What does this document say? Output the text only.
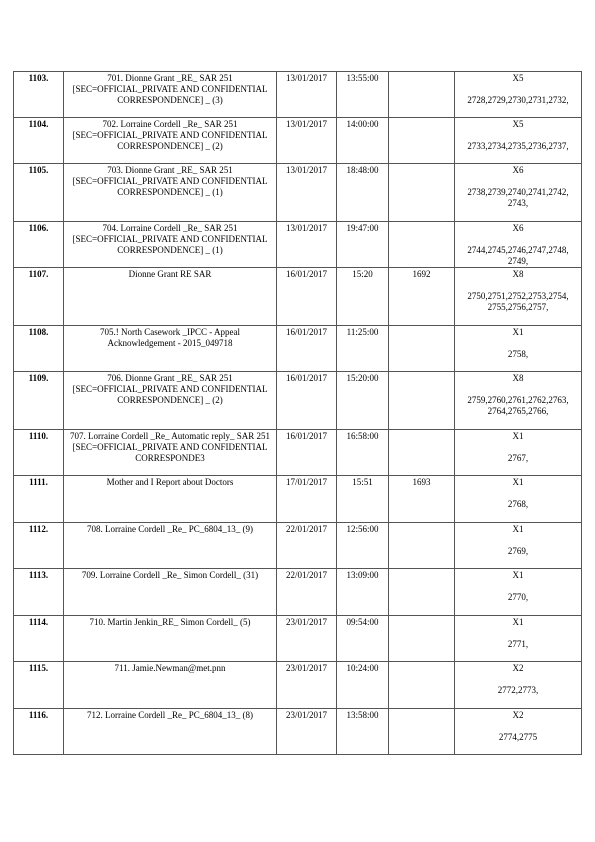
1103.	701. Dionne Grant _RE_ SAR 251 [SEC=OFFICIAL_PRIVATE AND CONFIDENTIAL CORRESPONDENCE] _ (3)	13/01/2017	13:55:00		X5
2728,2729,2730,2731,2732,

1104.	702. Lorraine Cordell _Re_ SAR 251 [SEC=OFFICIAL_PRIVATE AND CONFIDENTIAL CORRESPONDENCE] _ (2)	13/01/2017	14:00:00		X5
2733,2734,2735,2736,2737,

1105.	703. Dionne Grant _RE_ SAR 251 [SEC=OFFICIAL_PRIVATE AND CONFIDENTIAL CORRESPONDENCE] _ (1)	13/01/2017	18:48:00		X6
2738,2739,2740,2741,2742, 2743,

1106.	704. Lorraine Cordell _Re_ SAR 251 [SEC=OFFICIAL_PRIVATE AND CONFIDENTIAL CORRESPONDENCE] _ (1)	13/01/2017	19:47:00		X6
2744,2745,2746,2747,2748, 2749,

1107.	Dionne Grant RE SAR	16/01/2017	15:20	1692	X8
2750,2751,2752,2753,2754, 2755,2756,2757,

1108.	705.! North Casework _IPCC - Appeal Acknowledgement - 2015_049718	16/01/2017	11:25:00		X1
2758,

1109.	706. Dionne Grant _RE_ SAR 251 [SEC=OFFICIAL_PRIVATE AND CONFIDENTIAL CORRESPONDENCE] _ (2)	16/01/2017	15:20:00		X8
2759,2760,2761,2762,2763, 2764,2765,2766,

1110.	707. Lorraine Cordell _Re_ Automatic reply_ SAR 251 [SEC=OFFICIAL_PRIVATE AND CONFIDENTIAL CORRESPONDE3	16/01/2017	16:58:00		X1
2767,

1111.	Mother and I Report about Doctors	17/01/2017	15:51	1693	X1
2768,

1112.	708. Lorraine Cordell _Re_ PC_6804_13_ (9)	22/01/2017	12:56:00		X1
2769,

1113.	709. Lorraine Cordell _Re_ Simon Cordell_ (31)	22/01/2017	13:09:00		X1
2770,

1114.	710. Martin Jenkin_RE_ Simon Cordell_ (5)	23/01/2017	09:54:00		X1
2771,

1115.	711. Jamie.Newman@met.pnn	23/01/2017	10:24:00		X2
2772,2773,

1116.	712. Lorraine Cordell _Re_ PC_6804_13_ (8)	23/01/2017	13:58:00		X2
2774,2775
